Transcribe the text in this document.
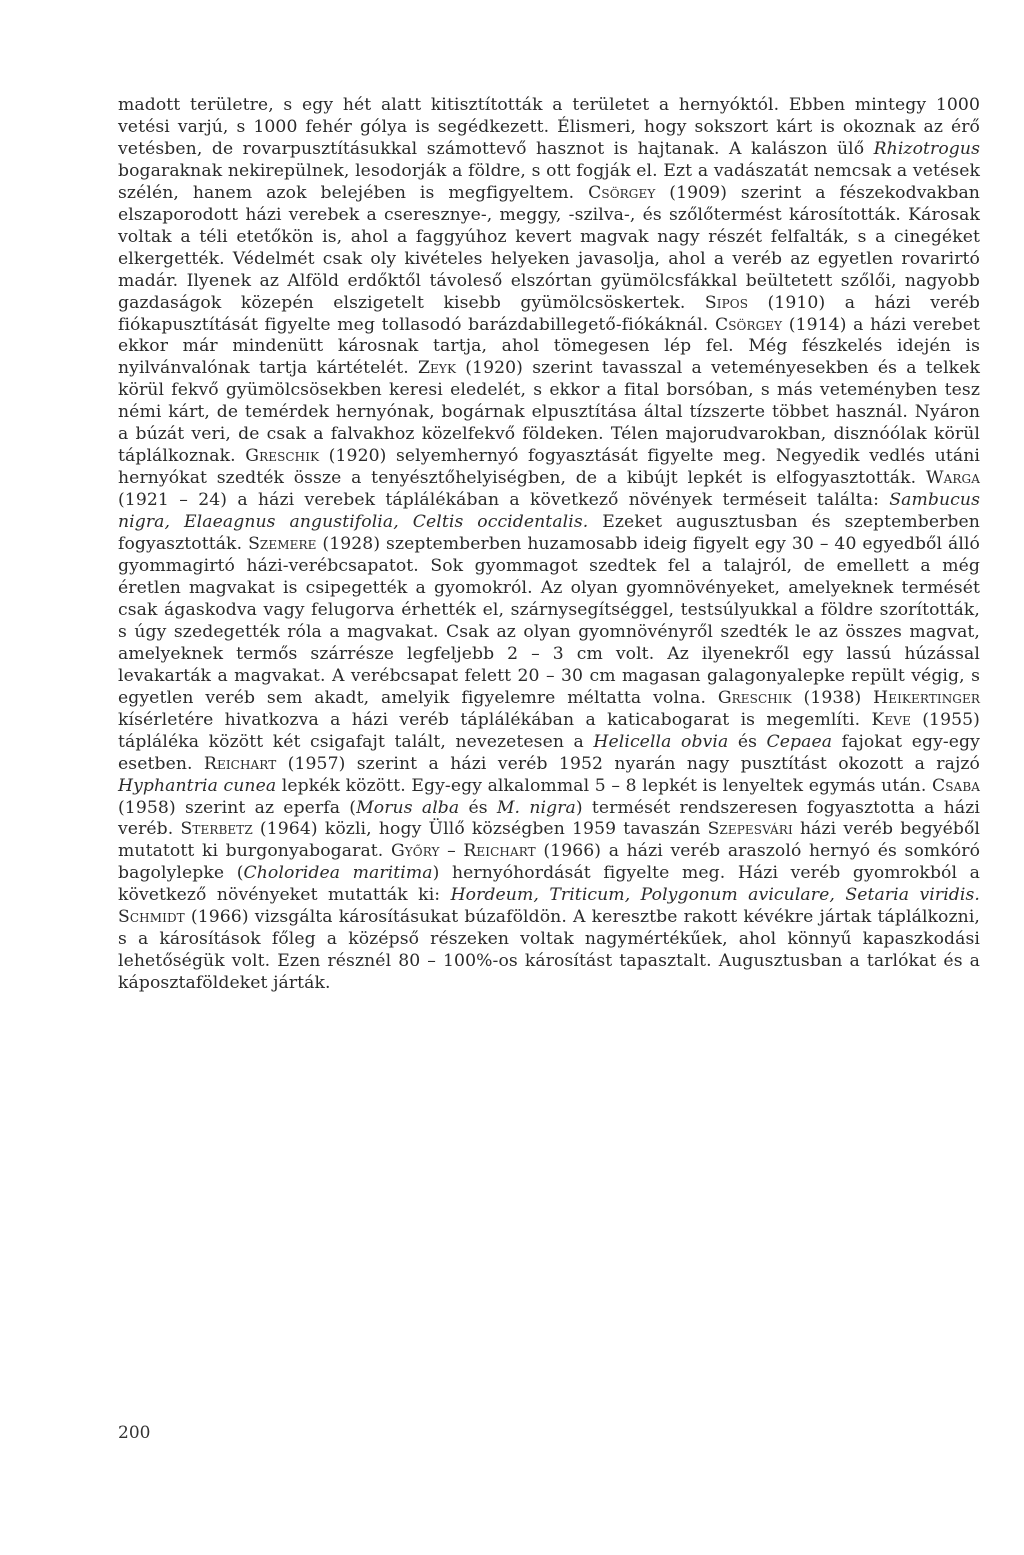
madott területre, s egy hét alatt kitisztították a területet a hernyóktól. Ebben mintegy 1000 vetési varjú, s 1000 fehér gólya is segédkezett. Élismeri, hogy sokszort kárt is okoznak az érő vetésben, de rovarpusztításukkal számottevő hasznot is hajtanak. A kalászon ülő Rhizotrogus bogaraknak nekirepülnek, lesodorják a földre, s ott fogják el. Ezt a vadászatát nemcsak a vetések szélén, hanem azok belejében is megfigyeltem. Csörgey (1909) szerint a fészekodvakban elszaporodott házi verebek a cseresznye-, meggy, -szilva-, és szőlőtermést károsították. Károsak voltak a téli etetőkön is, ahol a faggyúhoz kevert magvak nagy részét felfalták, s a cinegéket elkergették. Védelmét csak oly kivételes helyeken javasolja, ahol a veréb az egyetlen rovarirtó madár. Ilyenek az Alföld erdőktől távoleső elszórtan gyümölcsfákkal beültetett szőlői, nagyobb gazdaságok közepén elszigetelt kisebb gyümölcsöskertek. Sipos (1910) a házi veréb fiókapusztítását figyelte meg tollasodó barázdabillegető-fiókáknál. Csörgey (1914) a házi verebet ekkor már mindenütt károsnak tartja, ahol tömegesen lép fel. Még fészkelés idején is nyilvánvalónak tartja kártételét. Zeyk (1920) szerint tavasszal a veteményesekben és a telkek körül fekvő gyümölcsösekben keresi eledelét, s ekkor a fital borsóban, s más veteményben tesz némi kárt, de temérdek hernyónak, bogárnak elpusztítása által tízszerte többet használ. Nyáron a búzát veri, de csak a falvakhoz közelfekvő földeken. Télen majorudvarokban, disznóólak körül táplálkoznak. Greschik (1920) selyemhernyó fogyasztását figyelte meg. Negyedik vedlés utáni hernyókat szedték össze a tenyésztőhelyiségben, de a kibújt lepkét is elfogyasztották. Warga (1921 – 24) a házi verebek táplálékában a következő növények terméseit találta: Sambucus nigra, Elaeagnus angustifolia, Celtis occidentalis. Ezeket augusztusban és szeptemberben fogyasztották. Szemere (1928) szeptemberben huzamosabb ideig figyelt egy 30 – 40 egyedből álló gyommagirtó házi-verébcsapatot. Sok gyommagot szedtek fel a talajról, de emellett a még éretlen magvakat is csipegették a gyomokról. Az olyan gyomnövényeket, amelyeknek termését csak ágaskodva vagy felugorva érhették el, szárnysegítséggel, testsúlyukkal a földre szorították, s úgy szedegették róla a magvakat. Csak az olyan gyomnövényről szedték le az összes magvat, amelyeknek termős szárrésze legfeljebb 2 – 3 cm volt. Az ilyenekről egy lassú húzással levakarták a magvakat. A verébcsapat felett 20 – 30 cm magasan galagonyalepke repült végig, s egyetlen veréb sem akadt, amelyik figyelemre méltatta volna. Greschik (1938) Heikertinger kísérletére hivatkozva a házi veréb táplálékában a katicabogarat is megemlíti. Keve (1955) tápláléka között két csigafajt talált, nevezetesen a Helicella obvia és Cepaea fajokat egy-egy esetben. Reichart (1957) szerint a házi veréb 1952 nyarán nagy pusztítást okozott a rajzó Hyphantria cunea lepkék között. Egy-egy alkalommal 5 – 8 lepkét is lenyeltek egymás után. Csaba (1958) szerint az eperfa (Morus alba és M. nigra) termését rendszeresen fogyasztotta a házi veréb. Sterbetz (1964) közli, hogy Üllő községben 1959 tavaszán Szepesvári házi veréb begyéből mutatott ki burgonyabogarat. Győry – Reichart (1966) a házi veréb araszoló hernyó és somkóró bagolylepke (Choloridea maritima) hernyóhordását figyelte meg. Házi veréb gyomrokból a következő növényeket mutatták ki: Hordeum, Triticum, Polygonum aviculare, Setaria viridis. Schmidt (1966) vizsgálta károsításukat búzaföldön. A keresztbe rakott kévékre jártak táplálkozni, s a károsítások főleg a középső részeken voltak nagymértékűek, ahol könnyű kapaszkodási lehetőségük volt. Ezen résznél 80 – 100%-os károsítást tapasztalt. Augusztusban a tarlókat és a káposztaföldeket járták.

200
